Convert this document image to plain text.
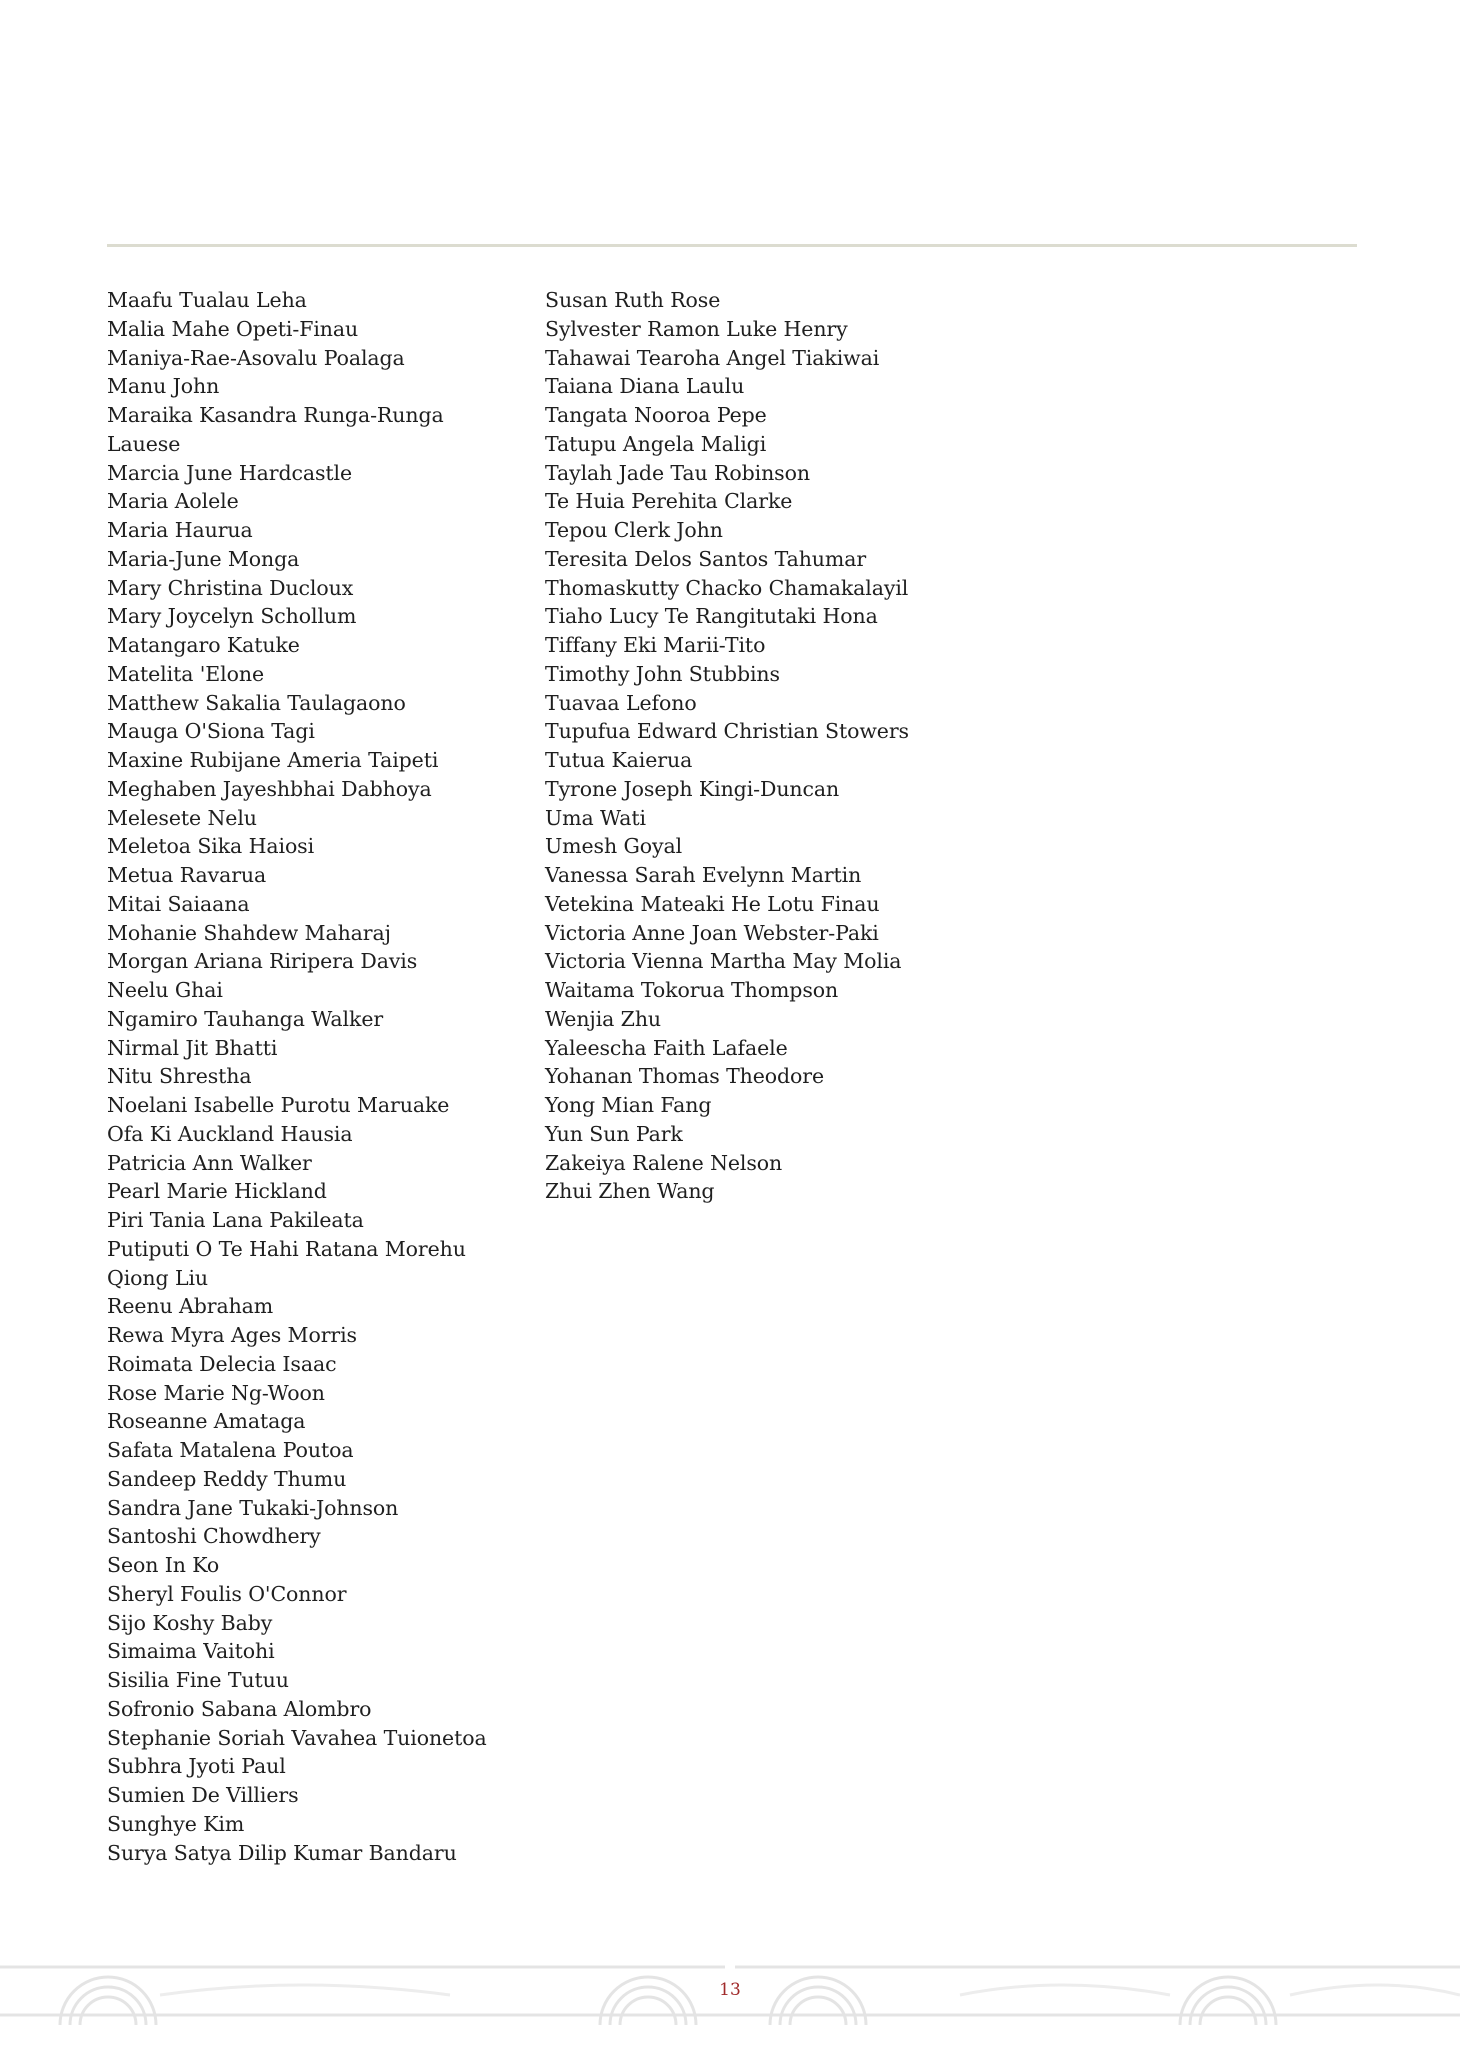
Maafu Tualau Leha
Malia Mahe Opeti-Finau
Maniya-Rae-Asovalu Poalaga
Manu John
Maraika Kasandra Runga-Runga
Lauese
Marcia June Hardcastle
Maria Aolele
Maria Haurua
Maria-June Monga
Mary Christina Ducloux
Mary Joycelyn Schollum
Matangaro Katuke
Matelita 'Elone
Matthew Sakalia Taulagaono
Mauga O'Siona Tagi
Maxine Rubijane Ameria Taipeti
Meghaben Jayeshbhai Dabhoya
Melesete Nelu
Meletoa Sika Haiosi
Metua Ravarua
Mitai Saiaana
Mohanie Shahdew Maharaj
Morgan Ariana Riripera Davis
Neelu Ghai
Ngamiro Tauhanga Walker
Nirmal Jit Bhatti
Nitu Shrestha
Noelani Isabelle Purotu Maruake
Ofa Ki Auckland Hausia
Patricia Ann Walker
Pearl Marie Hickland
Piri Tania Lana Pakileata
Putiputi O Te Hahi Ratana Morehu
Qiong Liu
Reenu Abraham
Rewa Myra Ages Morris
Roimata Delecia Isaac
Rose Marie Ng-Woon
Roseanne Amataga
Safata Matalena Poutoa
Sandeep Reddy Thumu
Sandra Jane Tukaki-Johnson
Santoshi Chowdhery
Seon In Ko
Sheryl Foulis O'Connor
Sijo Koshy Baby
Simaima Vaitohi
Sisilia Fine Tutuu
Sofronio Sabana Alombro
Stephanie Soriah Vavahea Tuionetoa
Subhra Jyoti Paul
Sumien De Villiers
Sunghye Kim
Surya Satya Dilip Kumar Bandaru
Susan Ruth Rose
Sylvester Ramon Luke Henry
Tahawai Tearoha Angel Tiakiwai
Taiana Diana Laulu
Tangata Nooroa Pepe
Tatupu Angela Maligi
Taylah Jade Tau Robinson
Te Huia Perehita Clarke
Tepou Clerk John
Teresita Delos Santos Tahumar
Thomaskutty Chacko Chamakalayil
Tiaho Lucy Te Rangitutaki Hona
Tiffany Eki Marii-Tito
Timothy John Stubbins
Tuavaa Lefono
Tupufua Edward Christian Stowers
Tutua Kaierua
Tyrone Joseph Kingi-Duncan
Uma Wati
Umesh Goyal
Vanessa Sarah Evelynn Martin
Vetekina Mateaki He Lotu Finau
Victoria Anne Joan Webster-Paki
Victoria Vienna Martha May Molia
Waitama Tokorua Thompson
Wenjia Zhu
Yaleescha Faith Lafaele
Yohanan Thomas Theodore
Yong Mian Fang
Yun Sun Park
Zakeiya Ralene Nelson
Zhui Zhen Wang
13
